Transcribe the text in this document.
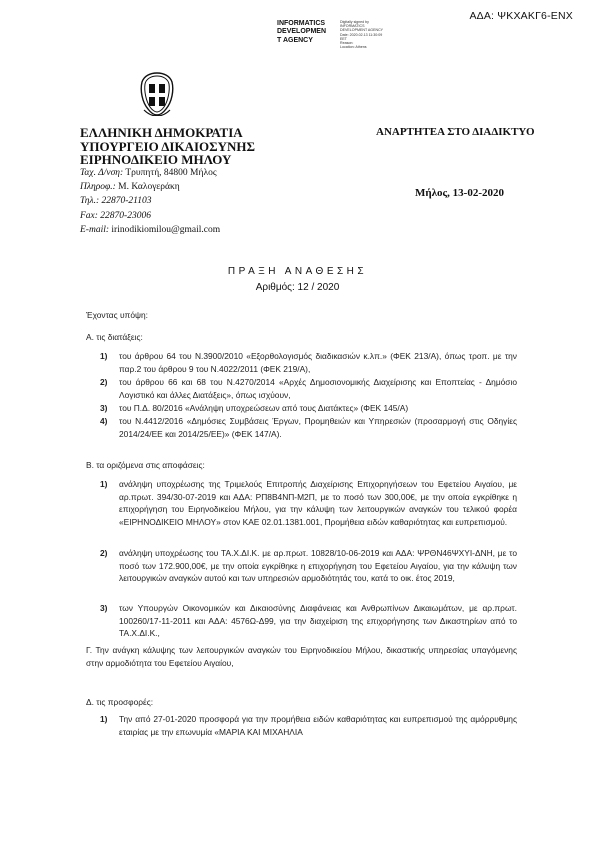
ΑΔΑ: ΨΚΧΑΚΓ6-ΕΝΧ
INFORMATICS
DEVELOPMEN
T AGENCY
Digitally signed by
INFORMATICS
DEVELOPMENT AGENCY
Date: 2020.02.13 11:30:09
EET
Reason:
Location: Athens
ΕΛΛΗΝΙΚΗ ΔΗΜΟΚΡΑΤΙΑ
ΥΠΟΥΡΓΕΙΟ ΔΙΚΑΙΟΣΥΝΗΣ
ΕΙΡΗΝΟΔΙΚΕΙΟ ΜΗΛΟΥ
Ταχ. Δ/νση: Τρυπητή, 84800 Μήλος
Πληροφ.: Μ. Καλογεράκη
Τηλ.: 22870-21103
Fax: 22870-23006
E-mail: irinodikiomilou@gmail.com
ΑΝΑΡΤΗΤΕΑ ΣΤΟ ΔΙΑΔΙΚΤΥΟ
Μήλος, 13-02-2020
ΠΡΑΞΗ ΑΝΑΘΕΣΗΣ
Αριθμός: 12 / 2020
Έχοντας υπόψη:
Α. τις διατάξεις:
1)	του άρθρου 64 του Ν.3900/2010 «Εξορθολογισμός διαδικασιών κ.λπ.» (ΦΕΚ 213/Α), όπως τροπ. με την παρ.2 του άρθρου 9 του Ν.4022/2011 (ΦΕΚ 219/Α),
2)	του άρθρου 66 και 68 του Ν.4270/2014 «Αρχές Δημοσιονομικής Διαχείρισης και Εποπτείας - Δημόσιο Λογιστικό και άλλες Διατάξεις», όπως ισχύουν,
3)	του Π.Δ. 80/2016 «Ανάληψη υποχρεώσεων από τους Διατάκτες» (ΦΕΚ 145/Α)
4)	του Ν.4412/2016 «Δημόσιες Συμβάσεις Έργων, Προμηθειών και Υπηρεσιών (προσαρμογή στις Οδηγίες 2014/24/ΕΕ και 2014/25/ΕΕ)» (ΦΕΚ 147/Α).
Β. τα οριζόμενα στις αποφάσεις:
1)	ανάληψη υποχρέωσης της Τριμελούς Επιτροπής Διαχείρισης Επιχορηγήσεων του Εφετείου Αιγαίου, με αρ.πρωτ. 394/30-07-2019 και ΑΔΑ: ΡΠ8Β4ΝΠ-Μ2Π, με το ποσό των 300,00€, με την οποία εγκρίθηκε η επιχορήγηση του Ειρηνοδικείου Μήλου, για την κάλυψη των λειτουργικών αναγκών του τελικού φορέα «ΕΙΡΗΝΟΔΙΚΕΙΟ ΜΗΛΟΥ» στον ΚΑΕ 02.01.1381.001, Προμήθεια ειδών καθαριότητας και ευπρεπισμού.
2)	ανάληψη υποχρέωσης του ΤΑ.Χ.ΔΙ.Κ. με αρ.πρωτ. 10828/10-06-2019 και ΑΔΑ: ΨΡΘΝ46ΨΧΥΙ-ΔΝΗ, με το ποσό των 172.900,00€, με την οποία εγκρίθηκε η επιχορήγηση του Εφετείου Αιγαίου, για την κάλυψη των λειτουργικών αναγκών αυτού και των υπηρεσιών αρμοδιότητάς του, κατά το οικ. έτος 2019,
3)	των Υπουργών Οικονομικών και Δικαιοσύνης Διαφάνειας και Ανθρωπίνων Δικαιωμάτων, με αρ.πρωτ. 100260/17-11-2011 και ΑΔΑ: 4576Ω-Δ99, για την διαχείριση της επιχορήγησης των Δικαστηρίων από το ΤΑ.Χ.ΔΙ.Κ.,
Γ. Την ανάγκη κάλυψης των λειτουργικών αναγκών του Ειρηνοδικείου Μήλου, δικαστικής υπηρεσίας υπαγόμενης στην αρμοδιότητα του Εφετείου Αιγαίου,
Δ. τις προσφορές:
1)	Την από 27-01-2020 προσφορά για την προμήθεια ειδών καθαριότητας και ευπρεπισμού της αμόρρυθμης εταιρίας με την επωνυμία «ΜΑΡΙΑ ΚΑΙ ΜΙΧΑΗΛΙΑ
